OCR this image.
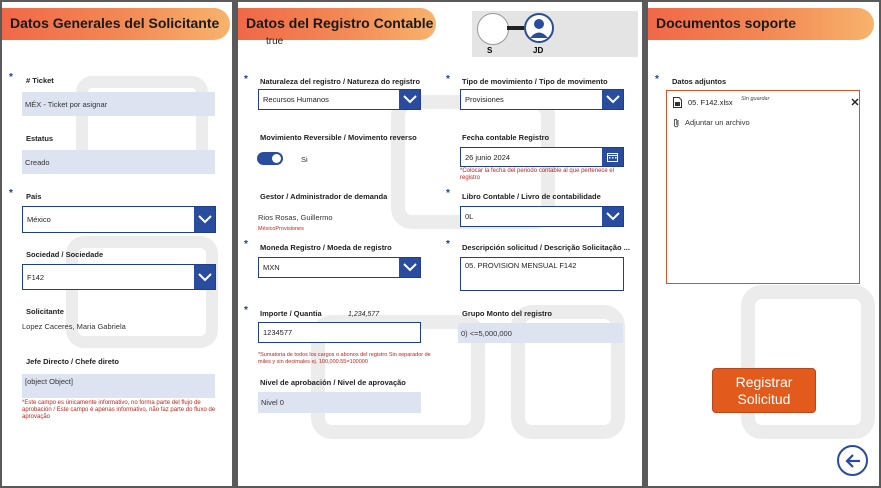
Datos Generales del Solicitante
* # Ticket
MÉX - Ticket por asignar
Estatus
Creado
* País
México
Sociedad / Sociedade
F142
Solicitante
Lopez Caceres, Maria Gabriela
Jefe Directo / Chefe direto
[object Object]
*Este campo es únicamente informativo, no forma parte del flujo de aprobación / Este campo é apenas informativo, não faz parte do fluxo de aprovação
Datos del Registro Contable
true
S	JD
* Naturaleza del registro / Natureza do registro
Recursos Humanos
Movimiento Reversible / Movimento reverso
Si
Gestor / Administrador de demanda
Rios Rosas, Guillermo
MéxicoProvisiones
* Moneda Registro / Moeda de registro
MXN
* Importe / Quantia	1,234,577
1234577
*Sumatoria de todos los cargos o abonos del registro Sin separador de miles y sin decimales ej. 100,000.55=100000
Nivel de aprobación / Nivel de aprovação
Nivel 0
* Tipo de movimiento / Tipo de movimento
Provisiones
Fecha contable Registro
26 junio 2024
*Colocar la fecha del periodo contable al que pertenece el registro
* Libro Contable / Livro de contabilidade
0L
* Descripción solicitud / Descrição Solicitação ...
05. PROVISION MENSUAL F142
Grupo Monto del registro
0) <=5,000,000
Documentos soporte
* Datos adjuntos
05. F142.xlsx Sin guardar
Adjuntar un archivo
Registrar Solicitud
